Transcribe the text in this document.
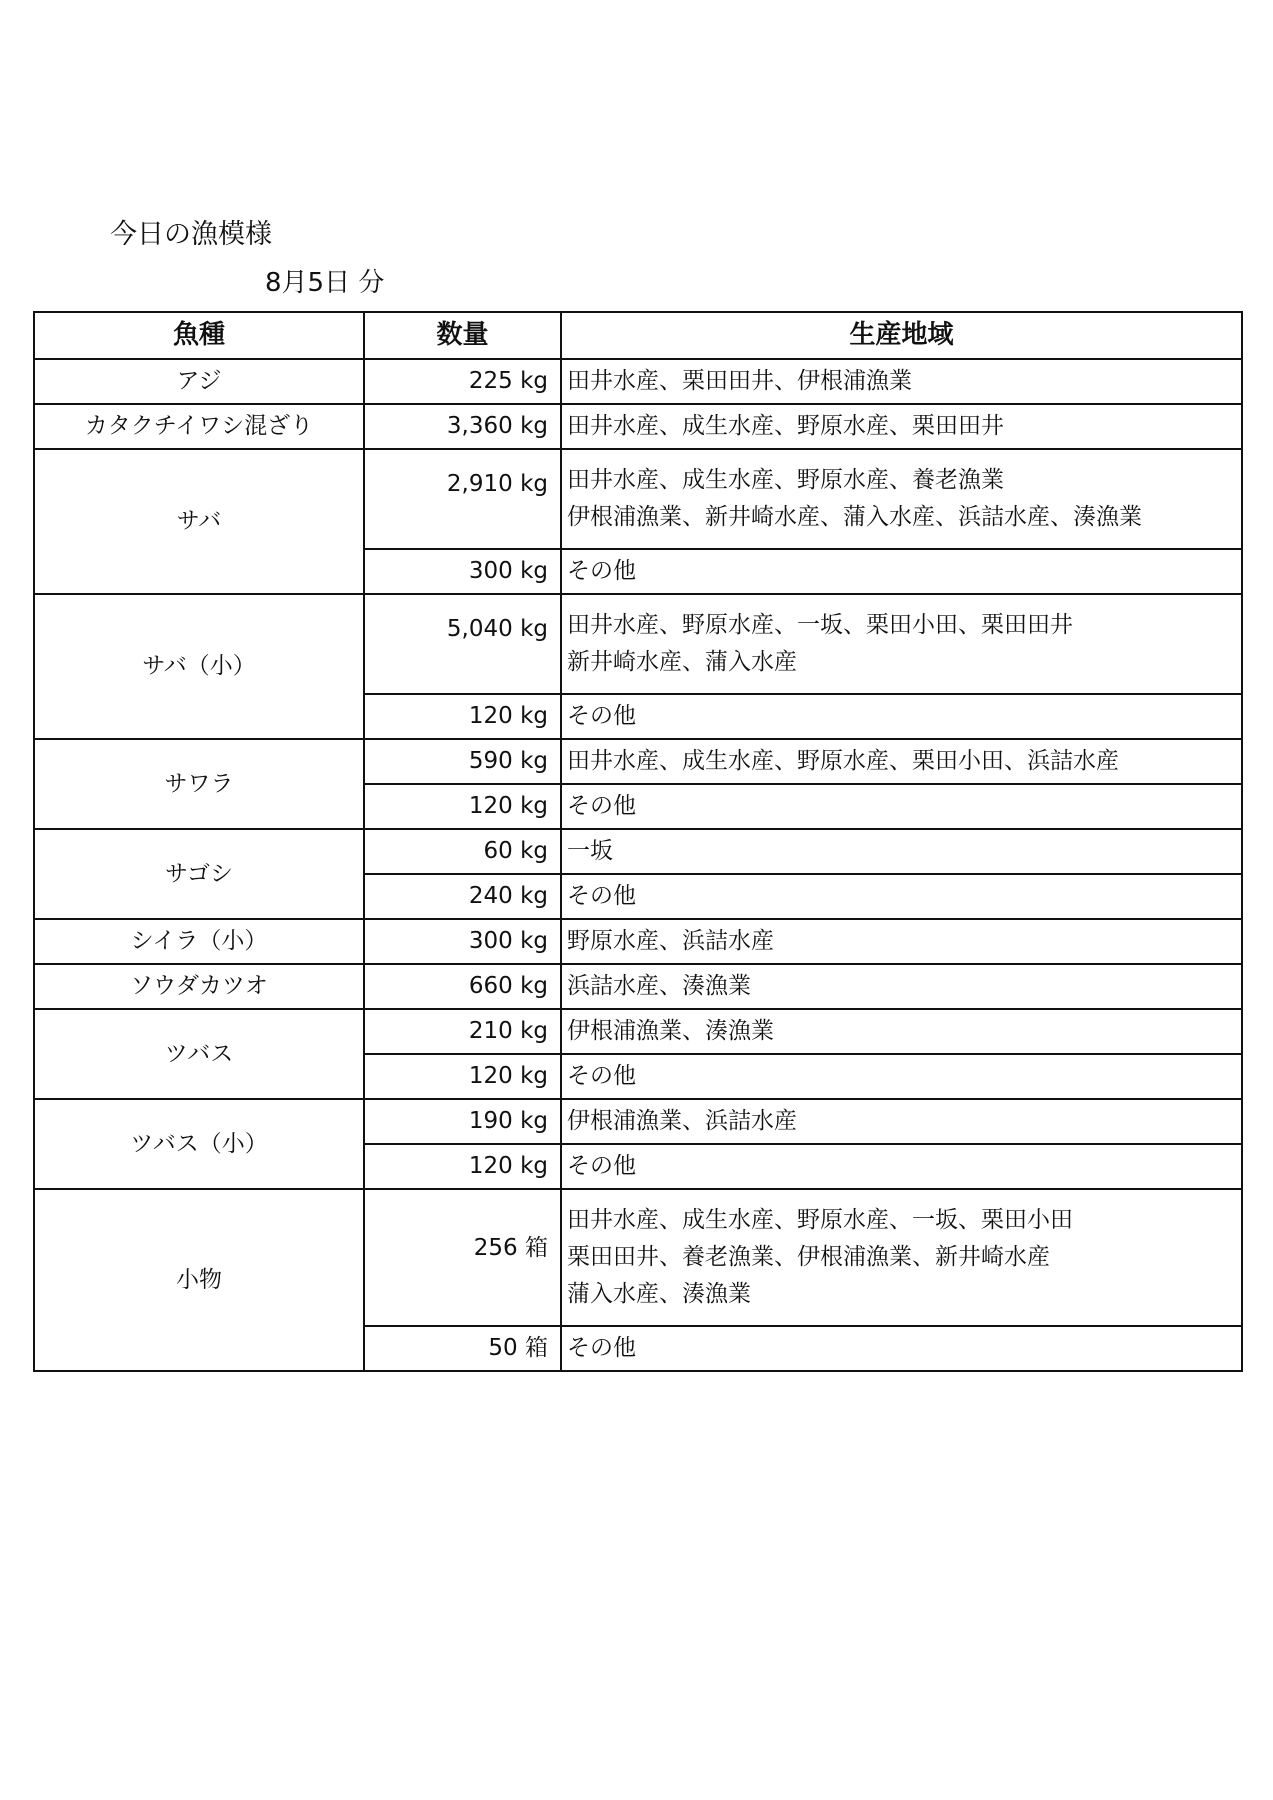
今日の漁模様
8月5日 分
魚種	数量	生産地域
アジ	225 kg	田井水産、栗田田井、伊根浦漁業

カタクチイワシ混ざり	3,360 kg	田井水産、成生水産、野原水産、栗田田井

サバ	2,910 kg	田井水産、成生水産、野原水産、養老漁業
伊根浦漁業、新井崎水産、蒲入水産、浜詰水産、湊漁業

	300 kg	その他

サバ（小）	5,040 kg	田井水産、野原水産、一坂、栗田小田、栗田田井
新井崎水産、蒲入水産

	120 kg	その他

サワラ	590 kg	田井水産、成生水産、野原水産、栗田小田、浜詰水産

	120 kg	その他

サゴシ	60 kg	一坂

	240 kg	その他

シイラ（小）	300 kg	野原水産、浜詰水産

ソウダカツオ	660 kg	浜詰水産、湊漁業

ツバス	210 kg	伊根浦漁業、湊漁業

	120 kg	その他

ツバス（小）	190 kg	伊根浦漁業、浜詰水産

	120 kg	その他

小物	256 箱	田井水産、成生水産、野原水産、一坂、栗田小田
栗田田井、養老漁業、伊根浦漁業、新井崎水産
蒲入水産、湊漁業

	50 箱	その他
